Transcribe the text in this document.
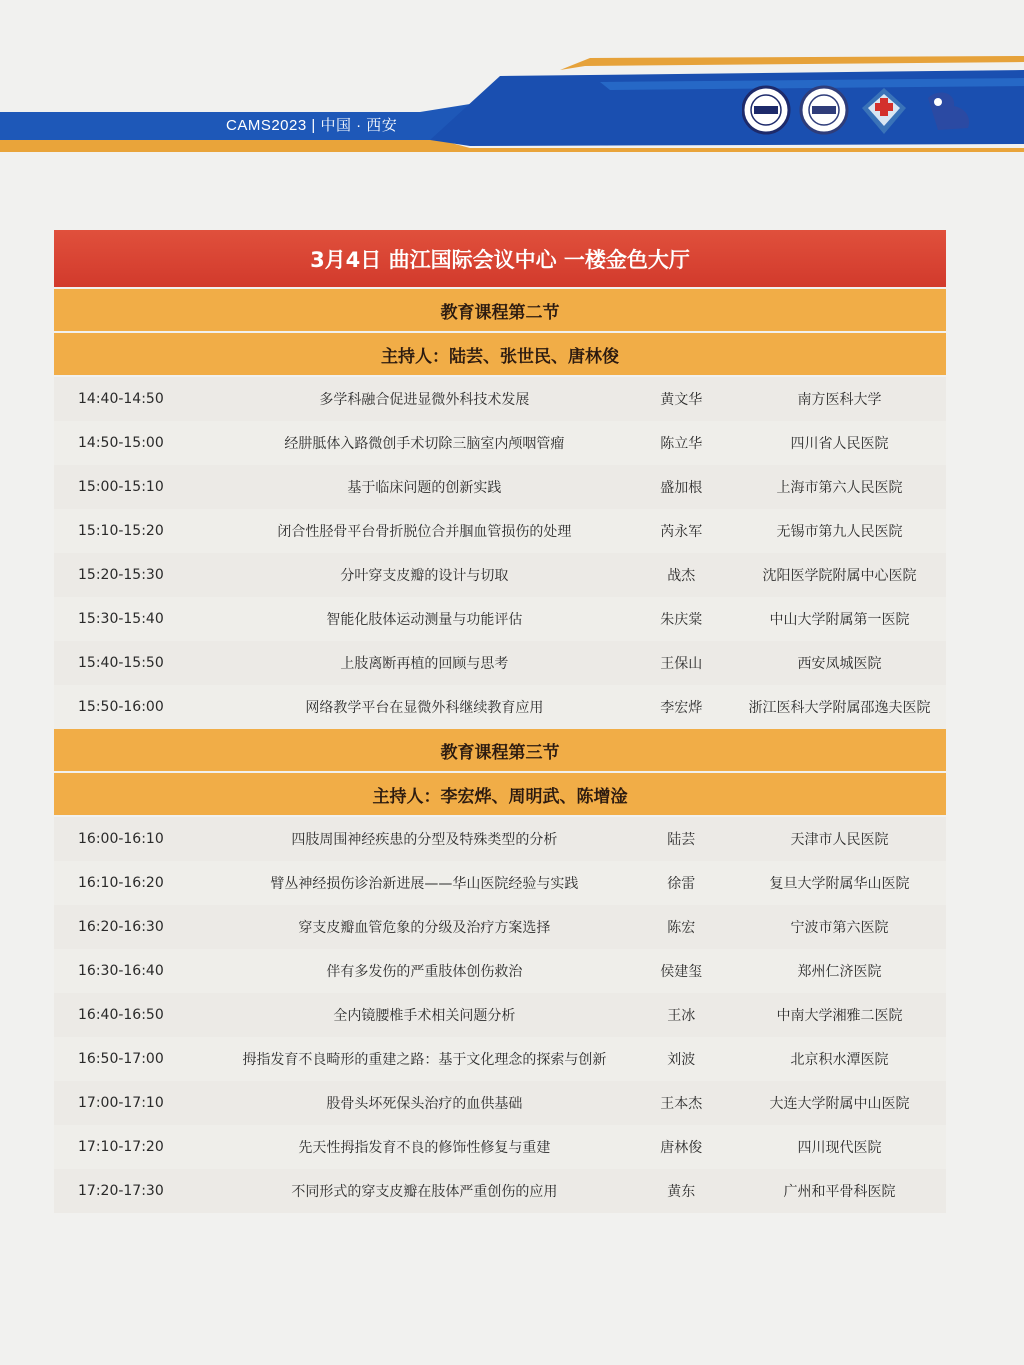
CAMS2023 | 中国 · 西安
3月4日 曲江国际会议中心 一楼金色大厅
教育课程第二节
主持人：陆芸、张世民、唐林俊
14:40-14:50	多学科融合促进显微外科技术发展	黄文华	南方医科大学
14:50-15:00	经肼胝体入路微创手术切除三脑室内颅咽管瘤	陈立华	四川省人民医院
15:00-15:10	基于临床问题的创新实践	盛加根	上海市第六人民医院
15:10-15:20	闭合性胫骨平台骨折脱位合并腘血管损伤的处理	芮永军	无锡市第九人民医院
15:20-15:30	分叶穿支皮瓣的设计与切取	战杰	沈阳医学院附属中心医院
15:30-15:40	智能化肢体运动测量与功能评估	朱庆棠	中山大学附属第一医院
15:40-15:50	上肢离断再植的回顾与思考	王保山	西安凤城医院
15:50-16:00	网络教学平台在显微外科继续教育应用	李宏烨	浙江医科大学附属邵逸夫医院
教育课程第三节
主持人：李宏烨、周明武、陈增淦
16:00-16:10	四肢周围神经疾患的分型及特殊类型的分析	陆芸	天津市人民医院
16:10-16:20	臂丛神经损伤诊治新进展——华山医院经验与实践	徐雷	复旦大学附属华山医院
16:20-16:30	穿支皮瓣血管危象的分级及治疗方案选择	陈宏	宁波市第六医院
16:30-16:40	伴有多发伤的严重肢体创伤救治	侯建玺	郑州仁济医院
16:40-16:50	全内镜腰椎手术相关问题分析	王冰	中南大学湘雅二医院
16:50-17:00	拇指发育不良畸形的重建之路：基于文化理念的探索与创新	刘波	北京积水潭医院
17:00-17:10	股骨头坏死保头治疗的血供基础	王本杰	大连大学附属中山医院
17:10-17:20	先天性拇指发育不良的修饰性修复与重建	唐林俊	四川现代医院
17:20-17:30	不同形式的穿支皮瓣在肢体严重创伤的应用	黄东	广州和平骨科医院
